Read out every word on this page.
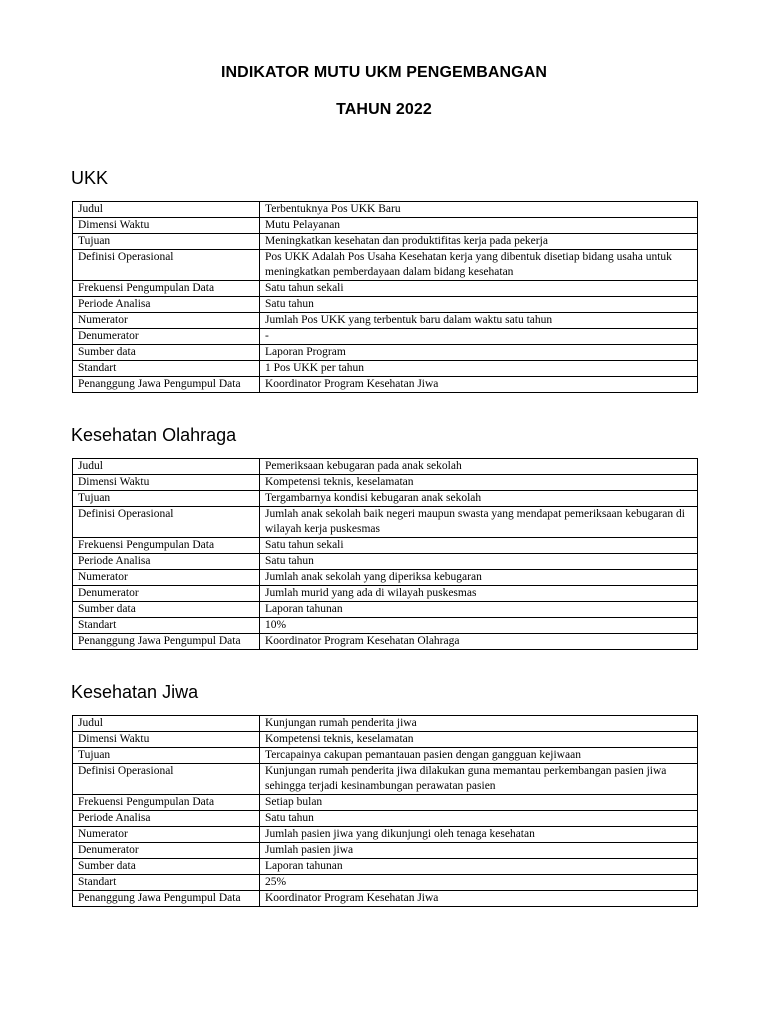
INDIKATOR MUTU UKM PENGEMBANGAN
TAHUN 2022
UKK
Judul	Terbentuknya Pos UKK Baru
Dimensi Waktu	Mutu Pelayanan
Tujuan	Meningkatkan kesehatan dan produktifitas kerja pada pekerja
Definisi Operasional	Pos UKK Adalah Pos Usaha Kesehatan kerja yang dibentuk disetiap bidang usaha untuk meningkatkan pemberdayaan dalam bidang kesehatan
Frekuensi Pengumpulan Data	Satu tahun sekali
Periode Analisa	Satu tahun
Numerator	Jumlah Pos UKK yang terbentuk baru dalam waktu satu tahun
Denumerator	-
Sumber data	Laporan Program
Standart	1 Pos UKK per tahun
Penanggung Jawa Pengumpul Data	Koordinator Program Kesehatan Jiwa
Kesehatan Olahraga
Judul	Pemeriksaan kebugaran pada anak sekolah
Dimensi Waktu	Kompetensi teknis, keselamatan
Tujuan	Tergambarnya kondisi kebugaran anak sekolah
Definisi Operasional	Jumlah anak sekolah baik negeri maupun swasta yang mendapat pemeriksaan kebugaran di wilayah kerja puskesmas
Frekuensi Pengumpulan Data	Satu tahun sekali
Periode Analisa	Satu tahun
Numerator	Jumlah anak sekolah yang diperiksa kebugaran
Denumerator	Jumlah murid yang ada di wilayah puskesmas
Sumber data	Laporan tahunan
Standart	10%
Penanggung Jawa Pengumpul Data	Koordinator Program Kesehatan Olahraga
Kesehatan Jiwa
Judul	Kunjungan rumah penderita jiwa
Dimensi Waktu	Kompetensi teknis, keselamatan
Tujuan	Tercapainya cakupan pemantauan pasien dengan gangguan kejiwaan
Definisi Operasional	Kunjungan rumah penderita jiwa dilakukan guna memantau perkembangan pasien jiwa sehingga terjadi kesinambungan perawatan pasien
Frekuensi Pengumpulan Data	Setiap bulan
Periode Analisa	Satu tahun
Numerator	Jumlah pasien jiwa yang dikunjungi oleh tenaga kesehatan
Denumerator	Jumlah pasien jiwa
Sumber data	Laporan tahunan
Standart	25%
Penanggung Jawa Pengumpul Data	Koordinator Program Kesehatan Jiwa
